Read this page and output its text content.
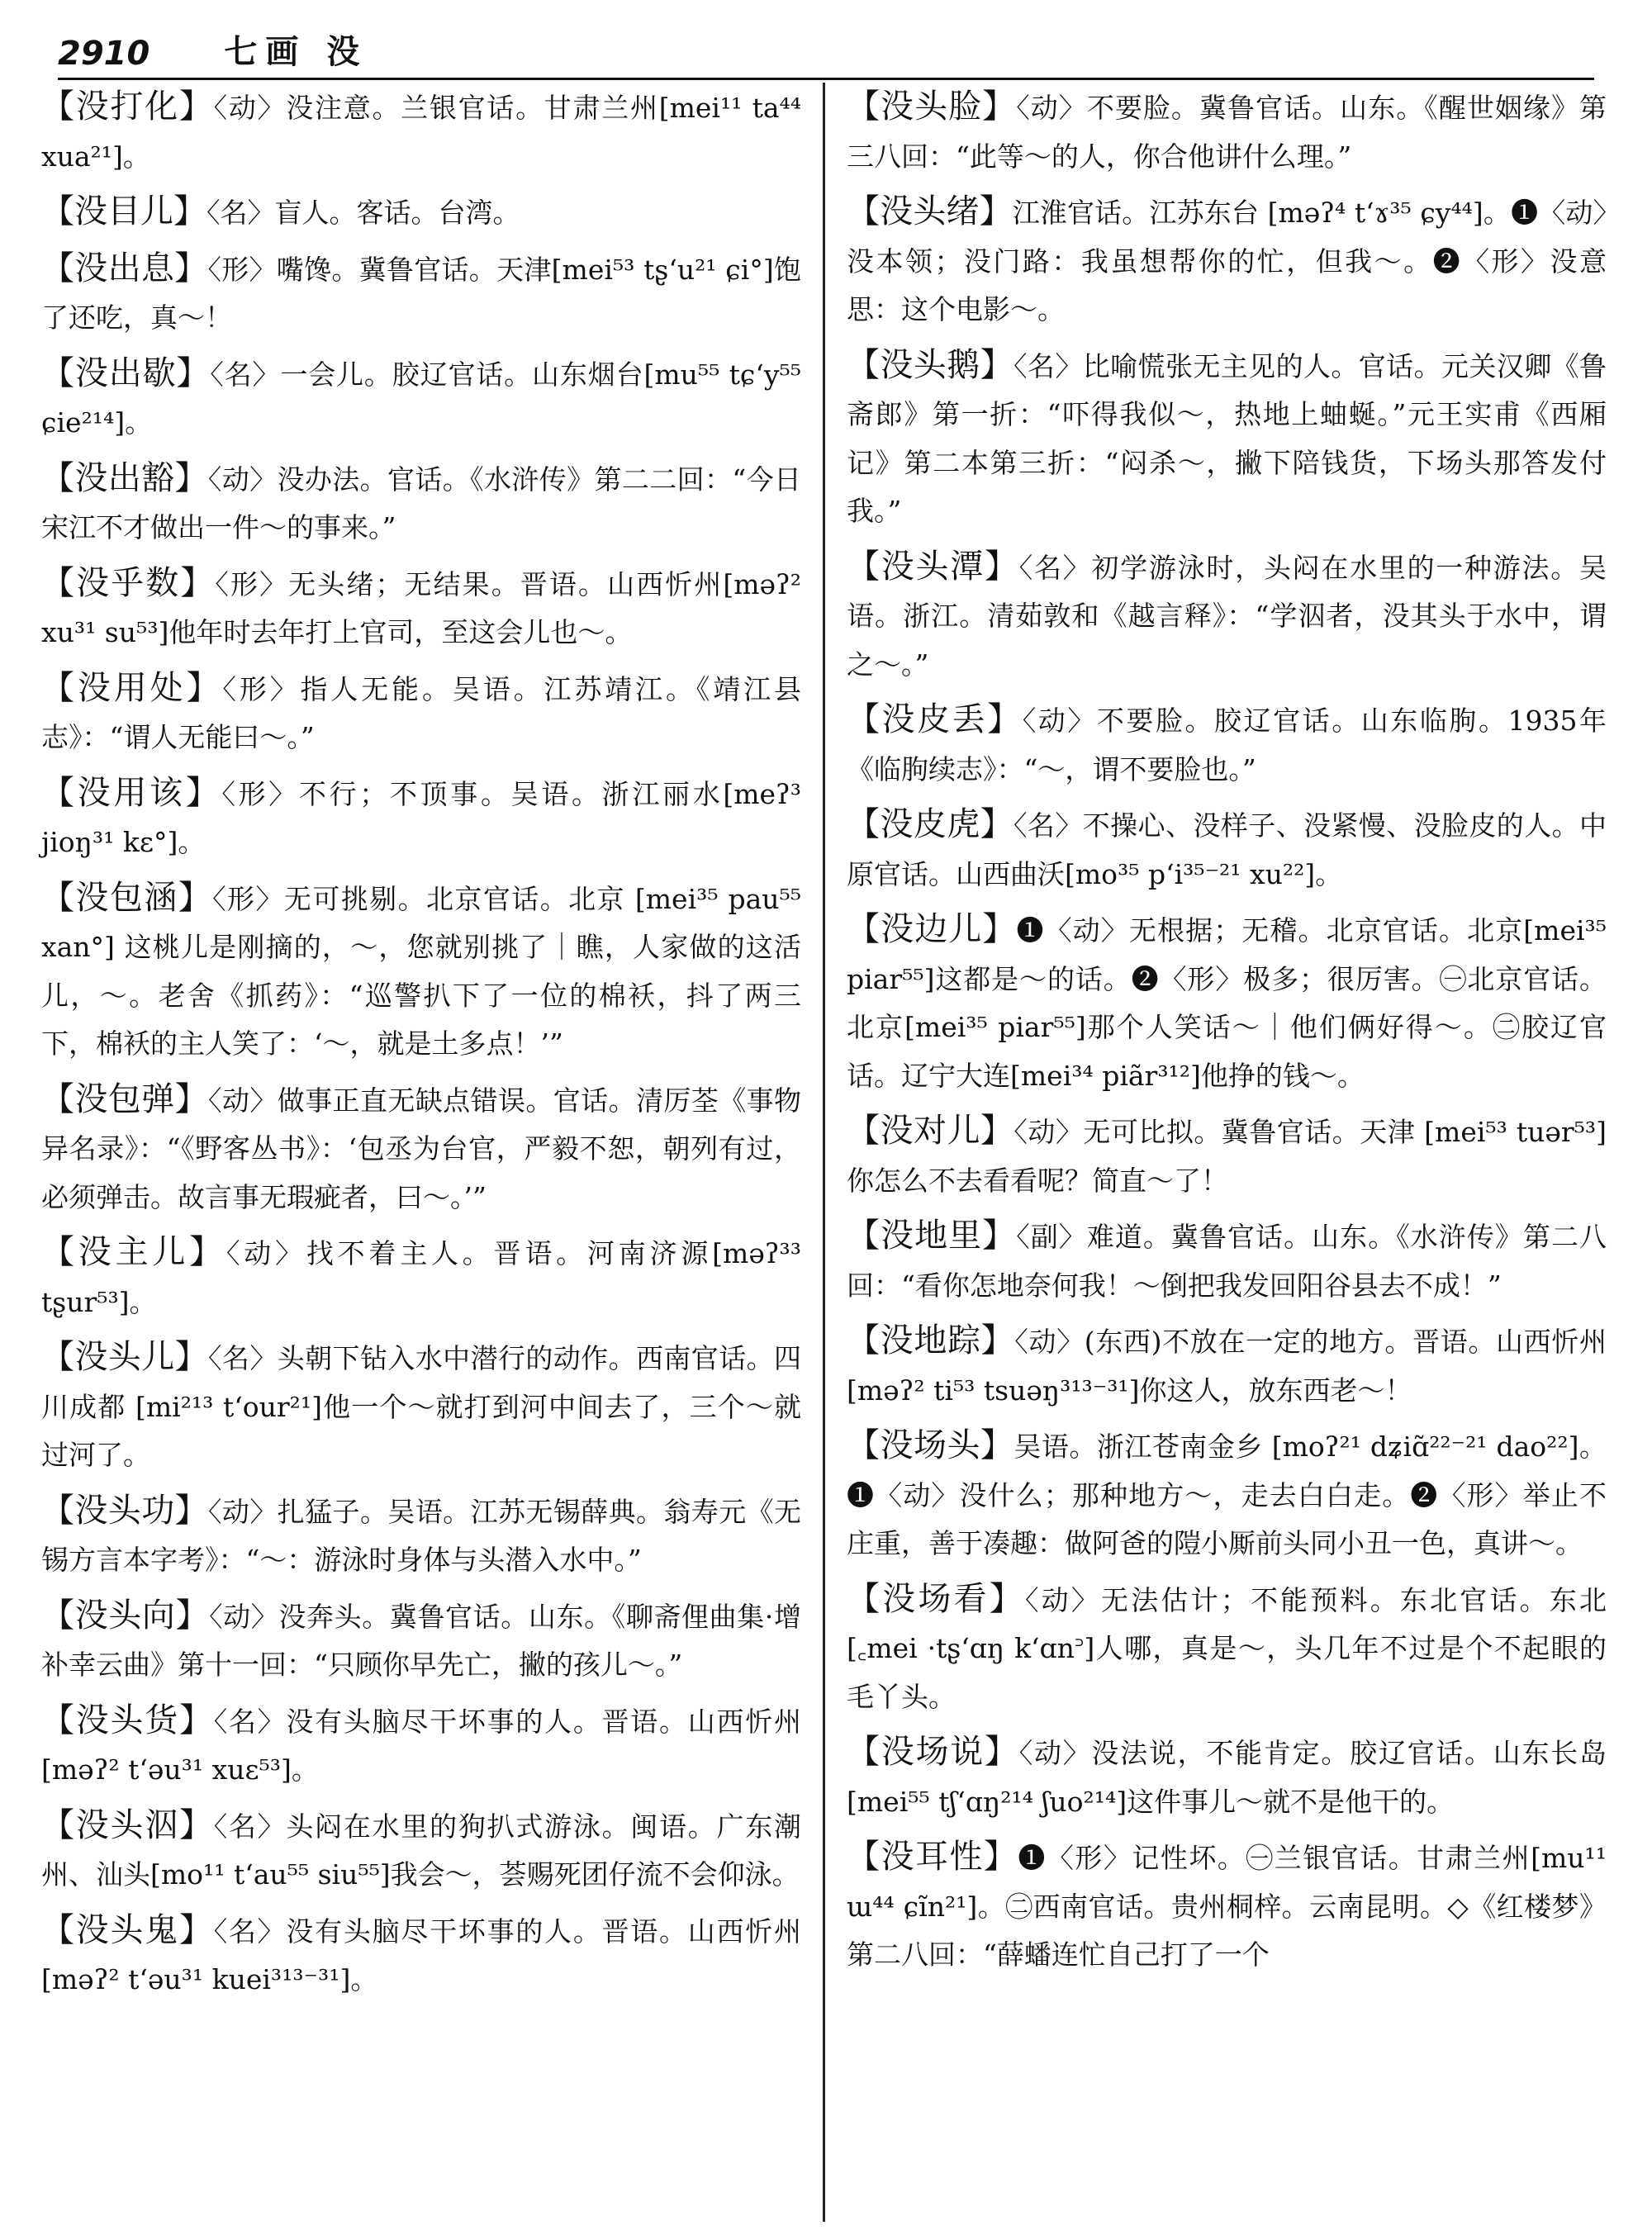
2910 七画 没

【没打化】〈动〉没注意。兰银官话。甘肃兰州[mei¹¹ ta⁴⁴ xua²¹]。

【没目儿】〈名〉盲人。客话。台湾。

【没出息】〈形〉嘴馋。冀鲁官话。天津[mei⁵³ tʂ‘u²¹ ɕi°]饱了还吃，真～！

【没出歇】〈名〉一会儿。胶辽官话。山东烟台[mu⁵⁵ tɕ‘y⁵⁵ ɕie²¹⁴]。

【没出豁】〈动〉没办法。官话。《水浒传》第二二回：“今日宋江不才做出一件～的事来。”

【没乎数】〈形〉无头绪；无结果。晋语。山西忻州[məʔ² xu³¹ su⁵³]他年时去年打上官司，至这会儿也～。

【没用处】〈形〉指人无能。吴语。江苏靖江。《靖江县志》：“谓人无能曰～。”

【没用该】〈形〉不行；不顶事。吴语。浙江丽水[meʔ³ jioŋ³¹ kɛ°]。

【没包涵】〈形〉无可挑剔。北京官话。北京 [mei³⁵ pau⁵⁵ xan°] 这桃儿是刚摘的，～，您就别挑了｜瞧，人家做的这活儿，～。老舍《抓药》：“巡警扒下了一位的棉袄，抖了两三下，棉袄的主人笑了：‘～，就是土多点！’”

【没包弹】〈动〉做事正直无缺点错误。官话。清厉荃《事物异名录》：“《野客丛书》：‘包丞为台官，严毅不恕，朝列有过，必须弹击。故言事无瑕疵者，曰～。’”

【没主儿】〈动〉找不着主人。晋语。河南济源[məʔ³³ tʂur⁵³]。

【没头儿】〈名〉头朝下钻入水中潜行的动作。西南官话。四川成都 [mi²¹³ t‘our²¹]他一个～就打到河中间去了，三个～就过河了。

【没头功】〈动〉扎猛子。吴语。江苏无锡薛典。翁寿元《无锡方言本字考》：“～：游泳时身体与头潜入水中。”

【没头向】〈动〉没奔头。冀鲁官话。山东。《聊斋俚曲集·增补幸云曲》第十一回：“只顾你早先亡，撇的孩儿～。”

【没头货】〈名〉没有头脑尽干坏事的人。晋语。山西忻州[məʔ² t‘əu³¹ xuɛ⁵³]。

【没头泅】〈名〉头闷在水里的狗扒式游泳。闽语。广东潮州、汕头[mo¹¹ t‘au⁵⁵ siu⁵⁵]我会～，荟赐死团仔流不会仰泳。

【没头鬼】〈名〉没有头脑尽干坏事的人。晋语。山西忻州[məʔ² t‘əu³¹ kuei³¹³⁻³¹]。

【没头脸】〈动〉不要脸。冀鲁官话。山东。《醒世姻缘》第三八回：“此等～的人，你合他讲什么理。”

【没头绪】江淮官话。江苏东台 [məʔ⁴ t‘ɤ³⁵ ɕy⁴⁴]。❶〈动〉没本领；没门路：我虽想帮你的忙，但我～。❷〈形〉没意思：这个电影～。

【没头鹅】〈名〉比喻慌张无主见的人。官话。元关汉卿《鲁斋郎》第一折：“吓得我似～，热地上蚰蜒。”元王实甫《西厢记》第二本第三折：“闷杀～，撇下陪钱货，下场头那答发付我。”

【没头潭】〈名〉初学游泳时，头闷在水里的一种游法。吴语。浙江。清茹敦和《越言释》：“学泅者，没其头于水中，谓之～。”

【没皮丢】〈动〉不要脸。胶辽官话。山东临朐。1935年《临朐续志》：“～，谓不要脸也。”

【没皮虎】〈名〉不操心、没样子、没紧慢、没脸皮的人。中原官话。山西曲沃[mo³⁵ p‘i³⁵⁻²¹ xu²²]。

【没边儿】❶〈动〉无根据；无稽。北京官话。北京[mei³⁵ piar⁵⁵]这都是～的话。❷〈形〉极多；很厉害。㊀北京官话。北京[mei³⁵ piar⁵⁵]那个人笑话～｜他们俩好得～。㊁胶辽官话。辽宁大连[mei³⁴ piãr³¹²]他挣的钱～。

【没对儿】〈动〉无可比拟。冀鲁官话。天津 [mei⁵³ tuər⁵³] 你怎么不去看看呢？简直～了！

【没地里】〈副〉难道。冀鲁官话。山东。《水浒传》第二八回：“看你怎地奈何我！～倒把我发回阳谷县去不成！”

【没地踪】〈动〉(东西)不放在一定的地方。晋语。山西忻州[məʔ² ti⁵³ tsuəŋ³¹³⁻³¹]你这人，放东西老～！

【没场头】吴语。浙江苍南金乡 [moʔ²¹ dʑiɑ̃²²⁻²¹ dao²²]。❶〈动〉没什么；那种地方～，走去白白走。❷〈形〉举止不庄重，善于凑趣：做阿爸的隑小厮前头同小丑一色，真讲～。

【没场看】〈动〉无法估计；不能预料。东北官话。东北[꜀mei ·tʂ‘ɑŋ k‘ɑn꜄]人哪，真是～，头几年不过是个不起眼的毛丫头。

【没场说】〈动〉没法说，不能肯定。胶辽官话。山东长岛[mei⁵⁵ tʃ‘ɑŋ²¹⁴ ʃuo²¹⁴]这件事儿～就不是他干的。

【没耳性】❶〈形〉记性坏。㊀兰银官话。甘肃兰州[mu¹¹ ɯ⁴⁴ ɕĩn²¹]。㊁西南官话。贵州桐梓。云南昆明。◇《红楼梦》第二八回：“薛蟠连忙自己打了一个
